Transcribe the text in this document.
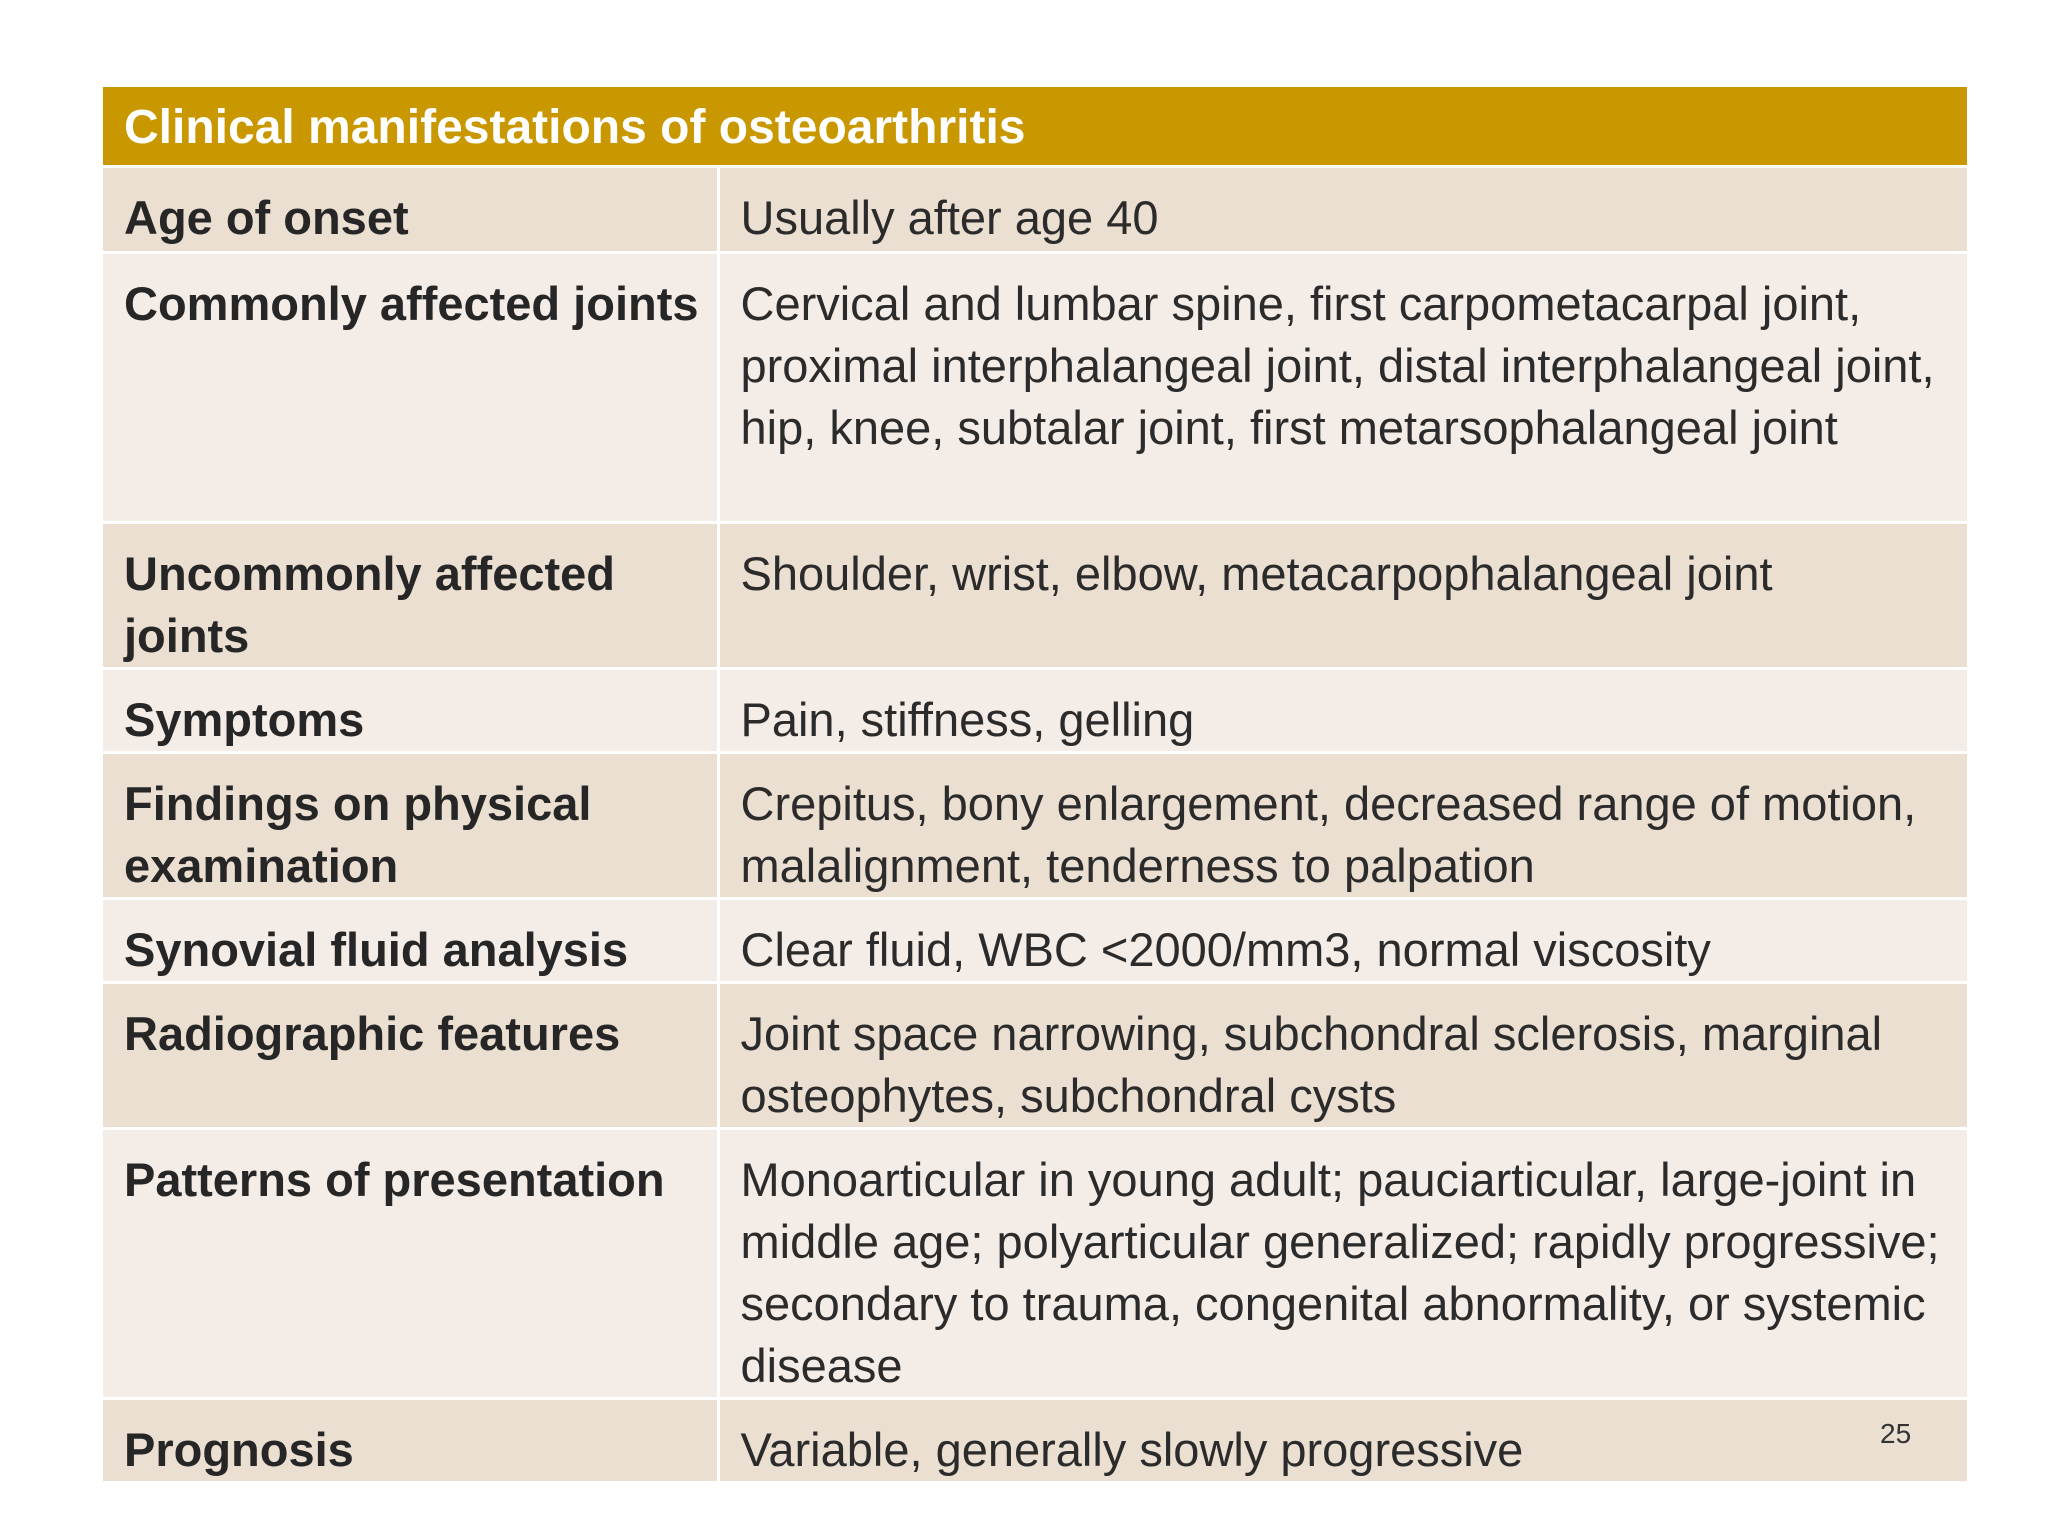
Clinical manifestations of osteoarthritis
Age of onset	Usually after age 40
Commonly affected joints	Cervical and lumbar spine, first carpometacarpal joint, proximal interphalangeal joint, distal interphalangeal joint, hip, knee, subtalar joint, first metarsophalangeal joint
Uncommonly affected joints	Shoulder, wrist, elbow, metacarpophalangeal joint
Symptoms	Pain, stiffness, gelling
Findings on physical examination	Crepitus, bony enlargement, decreased range of motion, malalignment, tenderness to palpation
Synovial fluid analysis	Clear fluid, WBC <2000/mm3, normal viscosity
Radiographic features	Joint space narrowing, subchondral sclerosis, marginal osteophytes, subchondral cysts
Patterns of presentation	Monoarticular in young adult; pauciarticular, large-joint in middle age; polyarticular generalized; rapidly progressive; secondary to trauma, congenital abnormality, or systemic disease
Prognosis	Variable, generally slowly progressive	25
